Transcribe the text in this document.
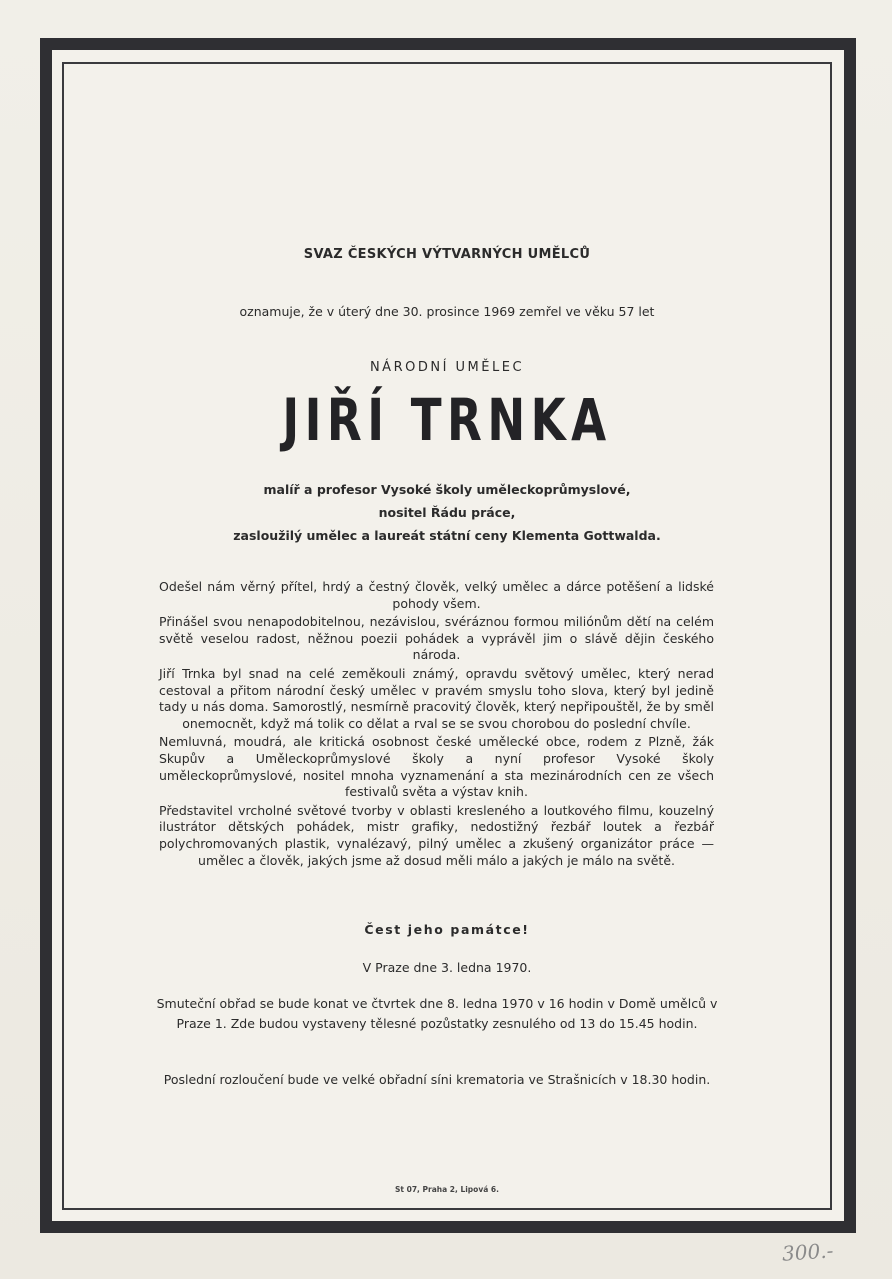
SVAZ ČESKÝCH VÝTVARNÝCH UMĚLCŮ
oznamuje, že v úterý dne 30. prosince 1969 zemřel ve věku 57 let
NÁRODNÍ UMĚLEC
JIŘÍ TRNKA
malíř a profesor Vysoké školy uměleckoprůmyslové,
nositel Řádu práce,
zasloužilý umělec a laureát státní ceny Klementa Gottwalda.

Odešel nám věrný přítel, hrdý a čestný člověk, velký umělec a dárce potěšení a lidské pohody všem.

Přinášel svou nenapodobitelnou, nezávislou, svéráznou formou miliónům dětí na celém světě veselou radost, něžnou poezii pohádek a vyprávěl jim o slávě dějin českého národa.

Jiří Trnka byl snad na celé zeměkouli známý, opravdu světový umělec, který nerad cestoval a přitom národní český umělec v pravém smyslu toho slova, který byl jedině tady u nás doma. Samorostlý, nesmírně pracovitý člověk, který nepřipouštěl, že by směl onemocnět, když má tolik co dělat a rval se se svou chorobou do poslední chvíle.

Nemluvná, moudrá, ale kritická osobnost české umělecké obce, rodem z Plzně, žák Skupův a Uměleckoprůmyslové školy a nyní profesor Vysoké školy uměleckoprůmyslové, nositel mnoha vyznamenání a sta mezinárodních cen ze všech festivalů světa a výstav knih.

Představitel vrcholné světové tvorby v oblasti kresleného a loutkového filmu, kouzelný ilustrátor dětských pohádek, mistr grafiky, nedostižný řezbář loutek a řezbář polychromovaných plastik, vynalézavý, pilný umělec a zkušený organizátor práce — umělec a člověk, jakých jsme až dosud měli málo a jakých je málo na světě.

Čest jeho památce!
V Praze dne 3. ledna 1970.
Smuteční obřad se bude konat ve čtvrtek dne 8. ledna 1970 v 16 hodin v Domě umělců v Praze 1. Zde budou vystaveny tělesné pozůstatky zesnulého od 13 do 15.45 hodin.
Poslední rozloučení bude ve velké obřadní síni krematoria ve Strašnicích v 18.30 hodin.
St 07, Praha 2, Lipová 6.
300.-
